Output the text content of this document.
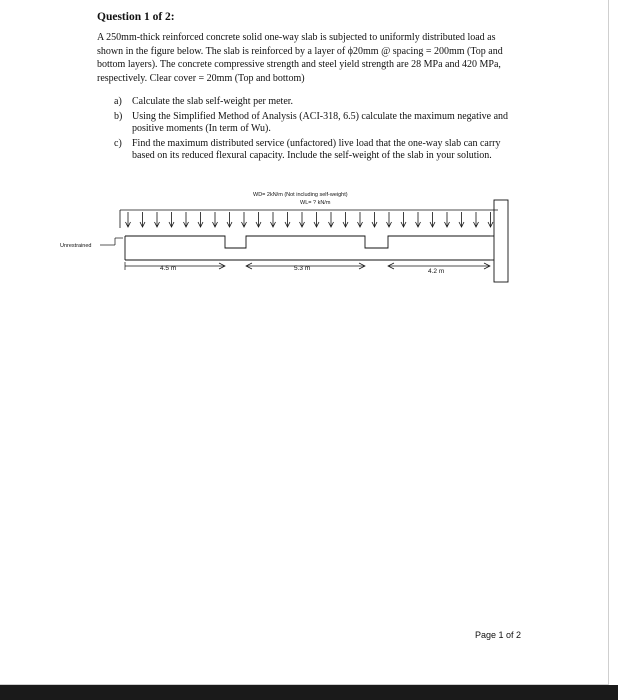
Question 1 of 2:
A 250mm-thick reinforced concrete solid one-way slab is subjected to uniformly distributed load as shown in the figure below. The slab is reinforced by a layer of ϕ20mm @ spacing = 200mm (Top and bottom layers). The concrete compressive strength and steel yield strength are 28 MPa and 420 MPa, respectively. Clear cover = 20mm (Top and bottom)
a)	Calculate the slab self-weight per meter.
b) Using the Simplified Method of Analysis (ACI-318, 6.5) calculate the maximum negative and positive moments (In term of Wu).
c)	Find the maximum distributed service (unfactored) live load that the one-way slab can carry based on its reduced flexural capacity. Include the self-weight of the slab in your solution.
WD= 2kN/m (Not including self-weight)
WL= ? kN/m
Unrestrained
4.5 m	5.3 m	4.2 m
Page 1 of 2
